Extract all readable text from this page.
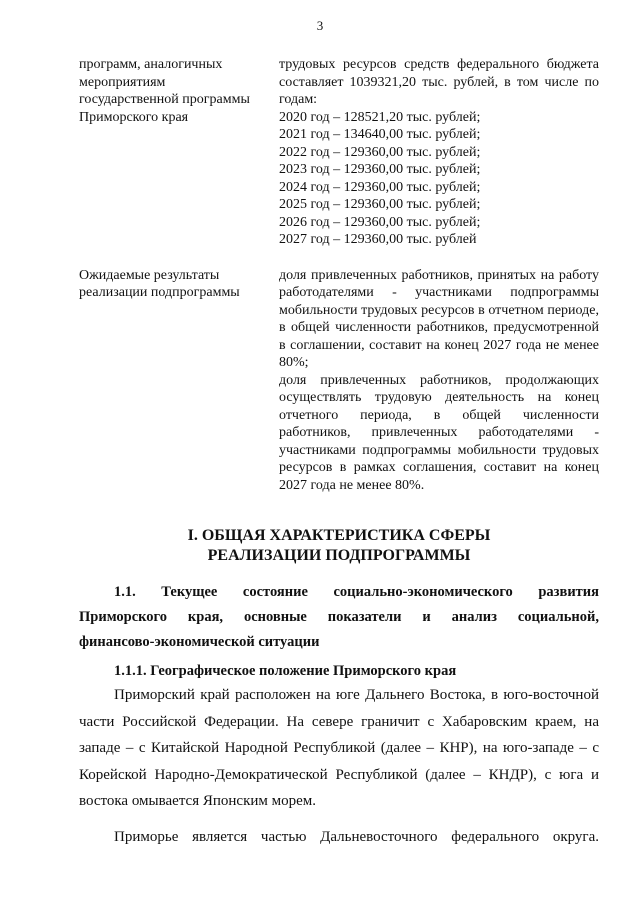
3
программ, аналогичных
мероприятиям
государственной программы
Приморского края
трудовых ресурсов средств федерального бюджета составляет 1039321,20 тыс. рублей, в том числе по годам:
2020 год – 128521,20 тыс. рублей;
2021 год – 134640,00 тыс. рублей;
2022 год – 129360,00 тыс. рублей;
2023 год – 129360,00 тыс. рублей;
2024 год – 129360,00 тыс. рублей;
2025 год – 129360,00 тыс. рублей;
2026 год – 129360,00 тыс. рублей;
2027 год – 129360,00 тыс. рублей
Ожидаемые результаты
реализации подпрограммы
доля привлеченных работников, принятых на работу работодателями - участниками подпрограммы мобильности трудовых ресурсов в отчетном периоде, в общей численности работников, предусмотренной в соглашении, составит на конец 2027 года не менее 80%;
доля привлеченных работников, продолжающих осуществлять трудовую деятельность на конец отчетного периода, в общей численности работников, привлеченных работодателями - участниками подпрограммы мобильности трудовых ресурсов в рамках соглашения, составит на конец 2027 года не менее 80%.
I. ОБЩАЯ ХАРАКТЕРИСТИКА СФЕРЫ
РЕАЛИЗАЦИИ ПОДПРОГРАММЫ
1.1. Текущее состояние социально-экономического развития
Приморского края, основные показатели и анализ социальной,
финансово-экономической ситуации
1.1.1. Географическое положение Приморского края

Приморский край расположен на юге Дальнего Востока, в юго-восточной части Российской Федерации. На севере граничит с Хабаровским краем, на западе – с Китайской Народной Республикой (далее – КНР), на юго-западе – с Корейской Народно-Демократической Республикой (далее – КНДР), с юга и востока омывается Японским морем.

Приморье является частью Дальневосточного федерального округа.
